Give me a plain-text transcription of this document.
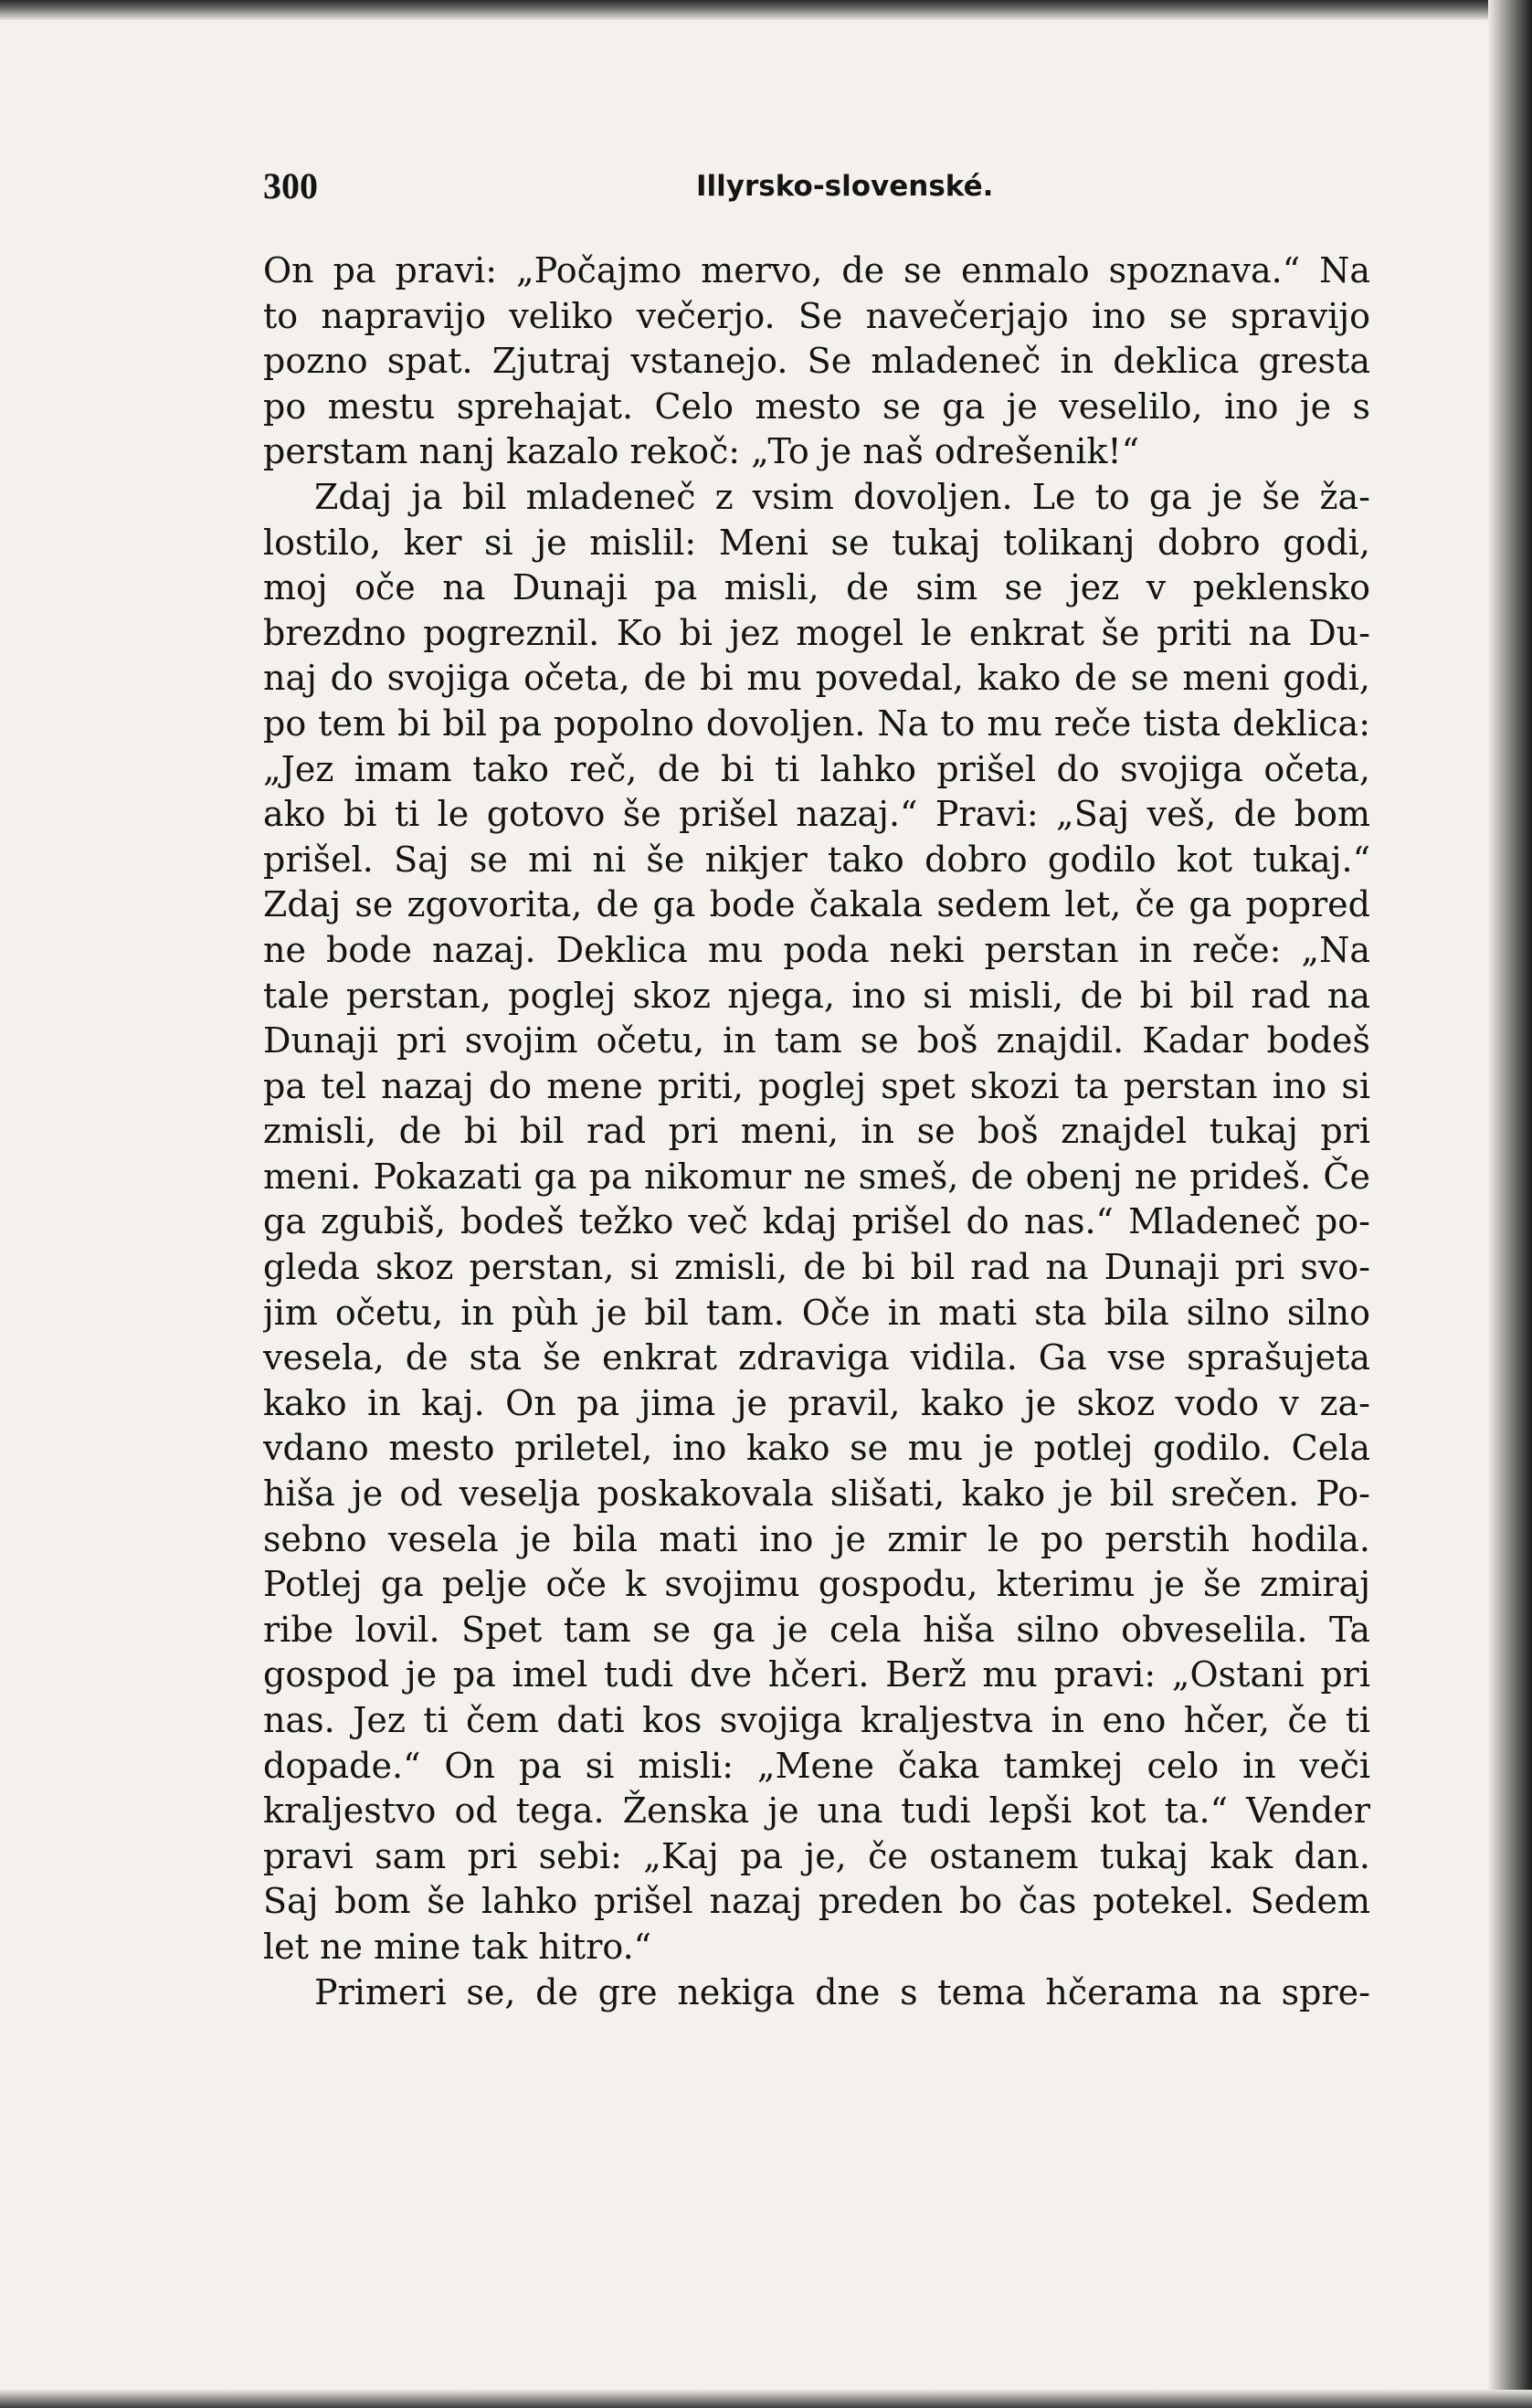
300	Illyrsko-slovenské.
On pa pravi: „Počajmo mervo, de se enmalo spoznava.“ Na
to napravijo veliko večerjo. Se navečerjajo ino se spravijo
pozno spat. Zjutraj vstanejo. Se mladeneč in deklica gresta
po mestu sprehajat. Celo mesto se ga je veselilo, ino je s
perstam nanj kazalo rekoč: „To je naš odrešenik!“
Zdaj ja bil mladeneč z vsim dovoljen. Le to ga je še ža-
lostilo, ker si je mislil: Meni se tukaj tolikanj dobro godi,
moj oče na Dunaji pa misli, de sim se jez v peklensko
brezdno pogreznil. Ko bi jez mogel le enkrat še priti na Du-
naj do svojiga očeta, de bi mu povedal, kako de se meni godi,
po tem bi bil pa popolno dovoljen. Na to mu reče tista deklica:
„Jez imam tako reč, de bi ti lahko prišel do svojiga očeta,
ako bi ti le gotovo še prišel nazaj.“ Pravi: „Saj veš, de bom
prišel. Saj se mi ni še nikjer tako dobro godilo kot tukaj.“
Zdaj se zgovorita, de ga bode čakala sedem let, če ga popred
ne bode nazaj. Deklica mu poda neki perstan in reče: „Na
tale perstan, poglej skoz njega, ino si misli, de bi bil rad na
Dunaji pri svojim očetu, in tam se boš znajdil. Kadar bodeš
pa tel nazaj do mene priti, poglej spet skozi ta perstan ino si
zmisli, de bi bil rad pri meni, in se boš znajdel tukaj pri
meni. Pokazati ga pa nikomur ne smeš, de obenj ne prideš. Če
ga zgubiš, bodeš težko več kdaj prišel do nas.“ Mladeneč po-
gleda skoz perstan, si zmisli, de bi bil rad na Dunaji pri svo-
jim očetu, in pùh je bil tam. Oče in mati sta bila silno silno
vesela, de sta še enkrat zdraviga vidila. Ga vse sprašujeta
kako in kaj. On pa jima je pravil, kako je skoz vodo v za-
vdano mesto priletel, ino kako se mu je potlej godilo. Cela
hiša je od veselja poskakovala slišati, kako je bil srečen. Po-
sebno vesela je bila mati ino je zmir le po perstih hodila.
Potlej ga pelje oče k svojimu gospodu, kterimu je še zmiraj
ribe lovil. Spet tam se ga je cela hiša silno obveselila. Ta
gospod je pa imel tudi dve hčeri. Berž mu pravi: „Ostani pri
nas. Jez ti čem dati kos svojiga kraljestva in eno hčer, če ti
dopade.“ On pa si misli: „Mene čaka tamkej celo in veči
kraljestvo od tega. Ženska je una tudi lepši kot ta.“ Vender
pravi sam pri sebi: „Kaj pa je, če ostanem tukaj kak dan.
Saj bom še lahko prišel nazaj preden bo čas potekel. Sedem
let ne mine tak hitro.“
Primeri se, de gre nekiga dne s tema hčerama na spre-
